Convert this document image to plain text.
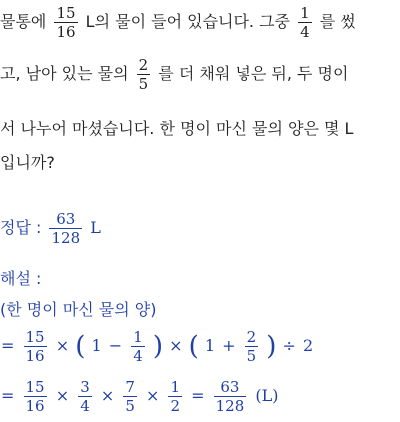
물통에 $\frac{15}{16}$ L의 물이 들어 있습니다. 그중 $\frac{1}{4}$ 를 썼
고, 남아 있는 물의 $\frac{2}{5}$ 를 더 채워 넣은 뒤, 두 명이
서 나누어 마셨습니다. 한 명이 마신 물의 양은 몇 L
입니까?
정답 : $\frac{63}{128}$ L
해설 :
(한 명이 마신 물의 양)
= $\frac{15}{16}$ × ( $1 - \frac{1}{4}$ ) × ( $1 + \frac{2}{5}$ ) ÷ 2
= $\frac{15}{16} \times \frac{3}{4} \times \frac{7}{5} \times \frac{1}{2} = \frac{63}{128} (L)$
